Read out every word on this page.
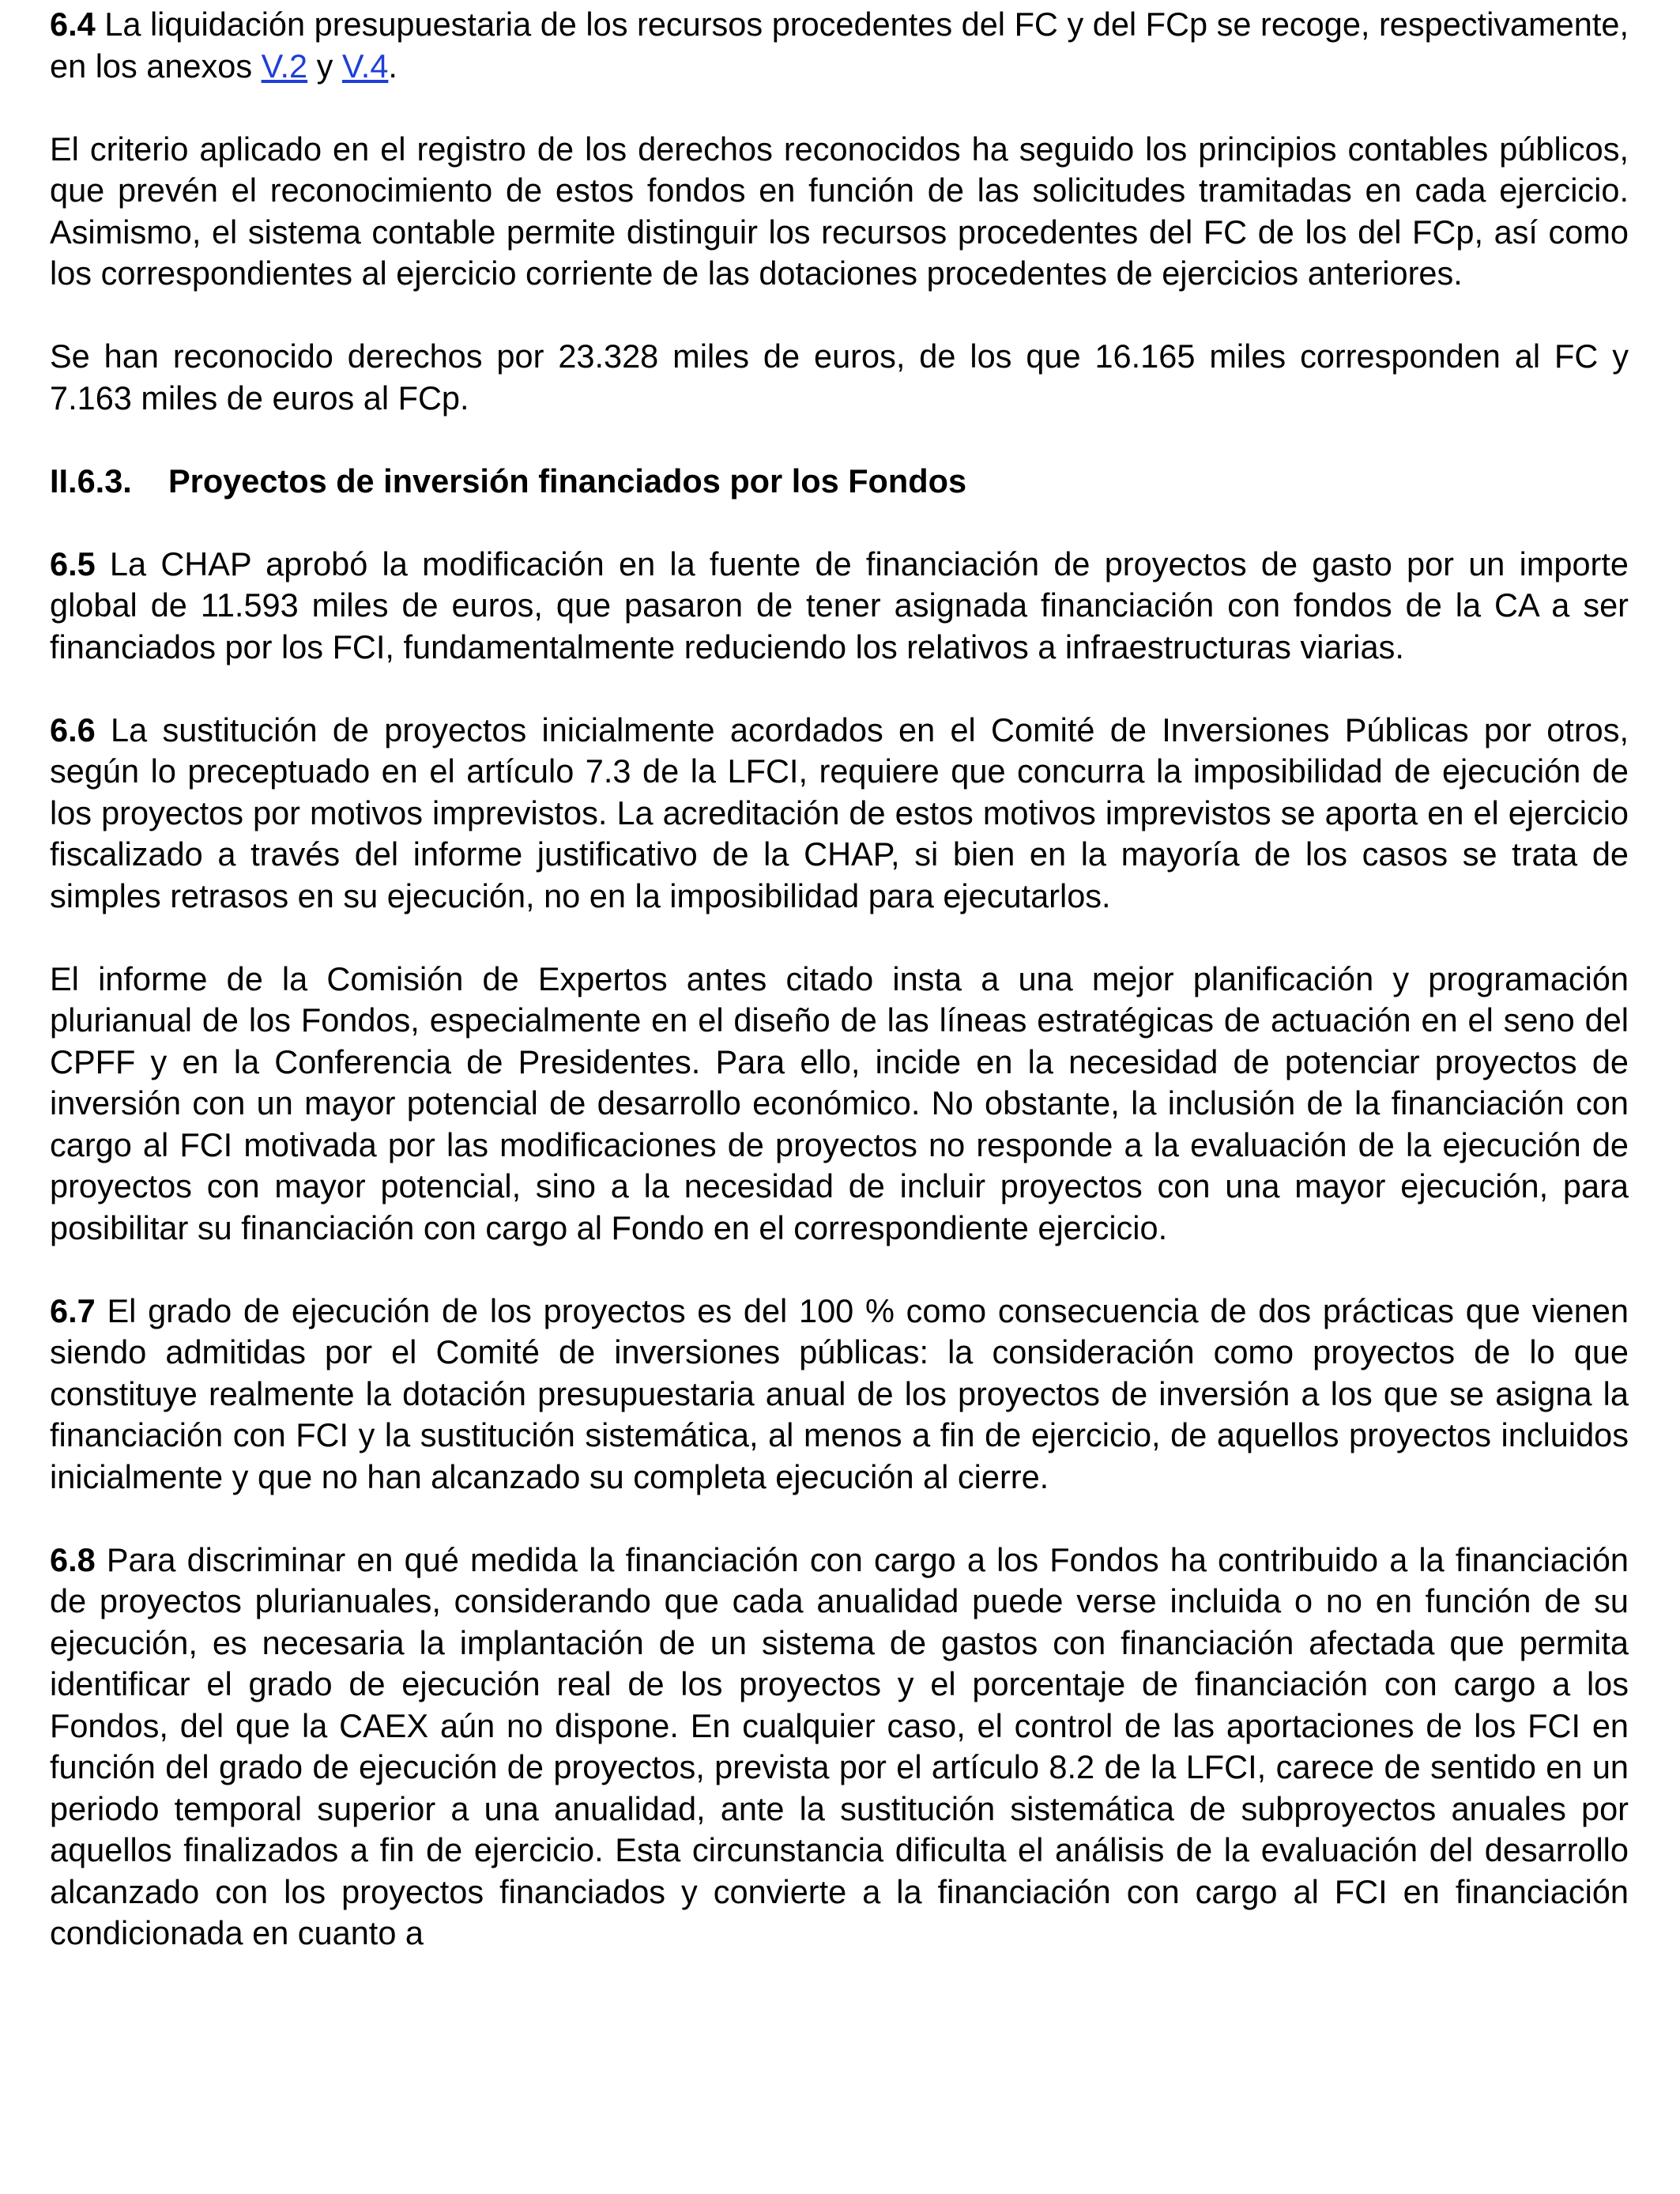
6.4 La liquidación presupuestaria de los recursos procedentes del FC y del FCp se recoge, respectivamente, en los anexos V.2 y V.4.

El criterio aplicado en el registro de los derechos reconocidos ha seguido los principios contables públicos, que prevén el reconocimiento de estos fondos en función de las solicitudes tramitadas en cada ejercicio. Asimismo, el sistema contable permite distinguir los recursos procedentes del FC de los del FCp, así como los correspondientes al ejercicio corriente de las dotaciones procedentes de ejercicios anteriores.

Se han reconocido derechos por 23.328 miles de euros, de los que 16.165 miles corresponden al FC y 7.163 miles de euros al FCp.

II.6.3. Proyectos de inversión financiados por los Fondos

6.5 La CHAP aprobó la modificación en la fuente de financiación de proyectos de gasto por un importe global de 11.593 miles de euros, que pasaron de tener asignada financiación con fondos de la CA a ser financiados por los FCI, fundamentalmente reduciendo los relativos a infraestructuras viarias.

6.6 La sustitución de proyectos inicialmente acordados en el Comité de Inversiones Públicas por otros, según lo preceptuado en el artículo 7.3 de la LFCI, requiere que concurra la imposibilidad de ejecución de los proyectos por motivos imprevistos. La acreditación de estos motivos imprevistos se aporta en el ejercicio fiscalizado a través del informe justificativo de la CHAP, si bien en la mayoría de los casos se trata de simples retrasos en su ejecución, no en la imposibilidad para ejecutarlos.

El informe de la Comisión de Expertos antes citado insta a una mejor planificación y programación plurianual de los Fondos, especialmente en el diseño de las líneas estratégicas de actuación en el seno del CPFF y en la Conferencia de Presidentes. Para ello, incide en la necesidad de potenciar proyectos de inversión con un mayor potencial de desarrollo económico. No obstante, la inclusión de la financiación con cargo al FCI motivada por las modificaciones de proyectos no responde a la evaluación de la ejecución de proyectos con mayor potencial, sino a la necesidad de incluir proyectos con una mayor ejecución, para posibilitar su financiación con cargo al Fondo en el correspondiente ejercicio.

6.7 El grado de ejecución de los proyectos es del 100 % como consecuencia de dos prácticas que vienen siendo admitidas por el Comité de inversiones públicas: la consideración como proyectos de lo que constituye realmente la dotación presupuestaria anual de los proyectos de inversión a los que se asigna la financiación con FCI y la sustitución sistemática, al menos a fin de ejercicio, de aquellos proyectos incluidos inicialmente y que no han alcanzado su completa ejecución al cierre.

6.8 Para discriminar en qué medida la financiación con cargo a los Fondos ha contribuido a la financiación de proyectos plurianuales, considerando que cada anualidad puede verse incluida o no en función de su ejecución, es necesaria la implantación de un sistema de gastos con financiación afectada que permita identificar el grado de ejecución real de los proyectos y el porcentaje de financiación con cargo a los Fondos, del que la CAEX aún no dispone. En cualquier caso, el control de las aportaciones de los FCI en función del grado de ejecución de proyectos, prevista por el artículo 8.2 de la LFCI, carece de sentido en un periodo temporal superior a una anualidad, ante la sustitución sistemática de subproyectos anuales por aquellos finalizados a fin de ejercicio. Esta circunstancia dificulta el análisis de la evaluación del desarrollo alcanzado con los proyectos financiados y convierte a la financiación con cargo al FCI en financiación condicionada en cuanto a
